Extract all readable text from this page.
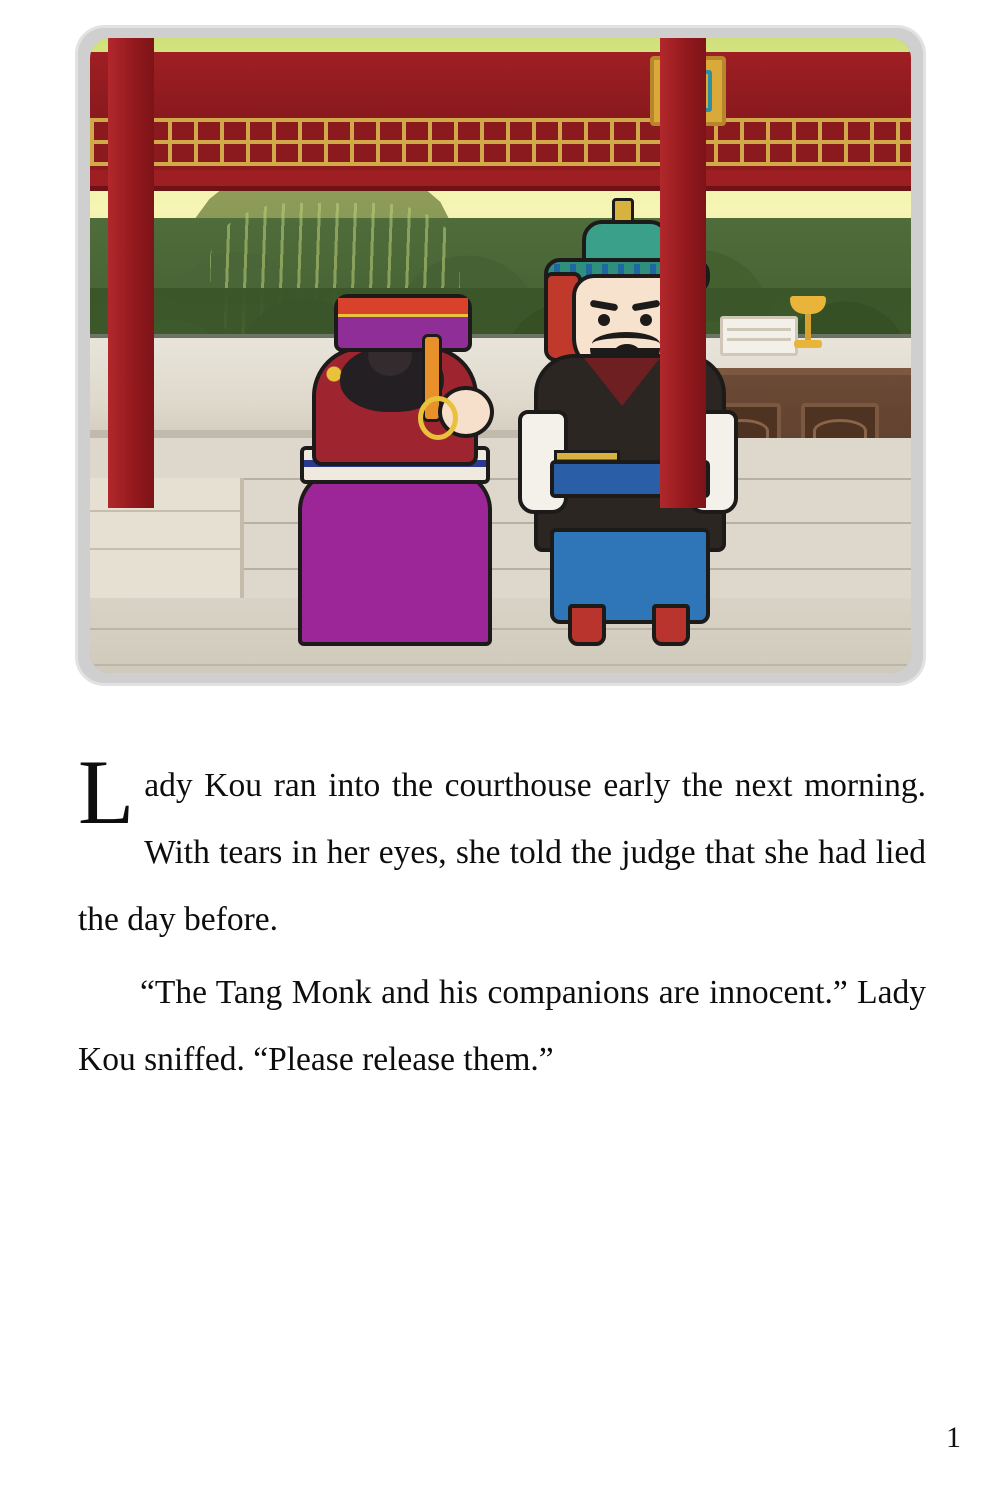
Lady Kou ran into the courthouse early the next morning. With tears in her eyes, she told the judge that she had lied the day before.

“The Tang Monk and his companions are innocent.” Lady Kou sniffed. “Please release them.”

1
